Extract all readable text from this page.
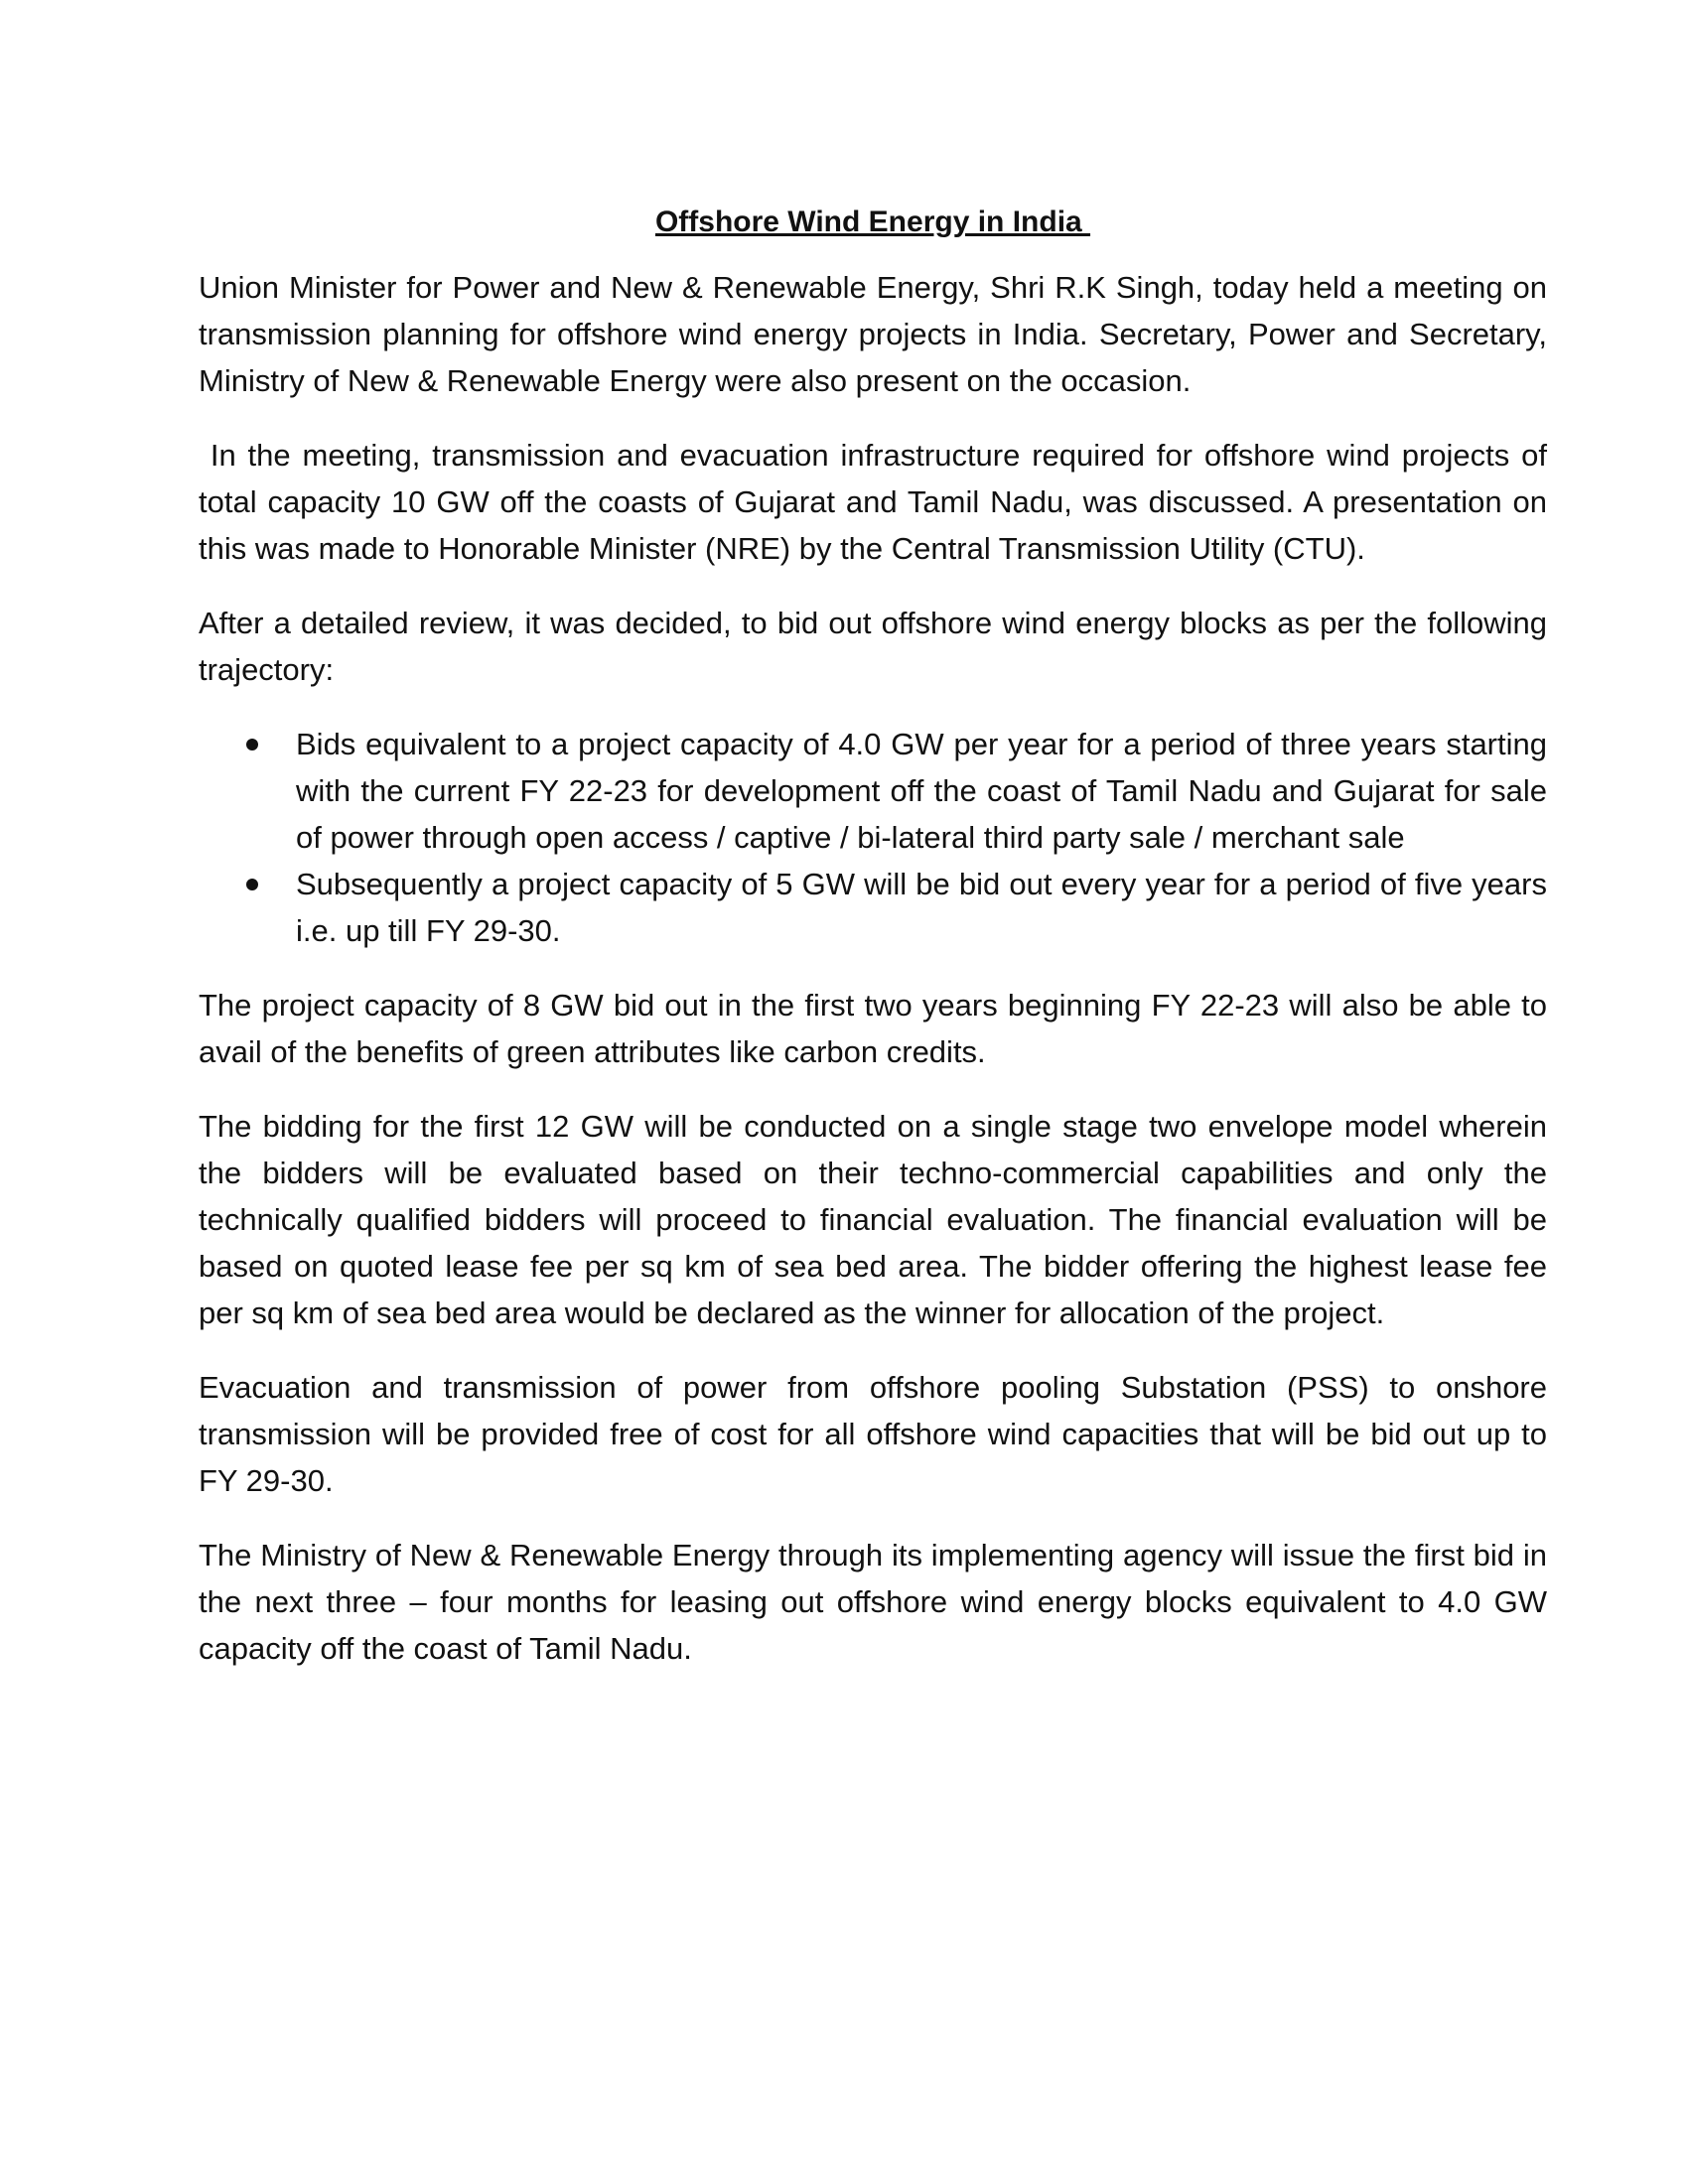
Offshore Wind Energy in India

Union Minister for Power and New & Renewable Energy, Shri R.K Singh, today held a meeting on transmission planning for offshore wind energy projects in India. Secretary, Power and Secretary, Ministry of New & Renewable Energy were also present on the occasion.

In the meeting, transmission and evacuation infrastructure required for offshore wind projects of total capacity 10 GW off the coasts of Gujarat and Tamil Nadu, was discussed. A presentation on this was made to Honorable Minister (NRE) by the Central Transmission Utility (CTU).

After a detailed review, it was decided, to bid out offshore wind energy blocks as per the following trajectory:

Bids equivalent to a project capacity of 4.0 GW per year for a period of three years starting with the current FY 22-23 for development off the coast of Tamil Nadu and Gujarat for sale of power through open access / captive / bi-lateral third party sale / merchant sale
Subsequently a project capacity of 5 GW will be bid out every year for a period of five years i.e. up till FY 29-30.

The project capacity of 8 GW bid out in the first two years beginning FY 22-23 will also be able to avail of the benefits of green attributes like carbon credits.

The bidding for the first 12 GW will be conducted on a single stage two envelope model wherein the bidders will be evaluated based on their techno-commercial capabilities and only the technically qualified bidders will proceed to financial evaluation. The financial evaluation will be based on quoted lease fee per sq km of sea bed area. The bidder offering the highest lease fee per sq km of sea bed area would be declared as the winner for allocation of the project.

Evacuation and transmission of power from offshore pooling Substation (PSS) to onshore transmission will be provided free of cost for all offshore wind capacities that will be bid out up to FY 29-30.

The Ministry of New & Renewable Energy through its implementing agency will issue the first bid in the next three – four months for leasing out offshore wind energy blocks equivalent to 4.0 GW capacity off the coast of Tamil Nadu.
